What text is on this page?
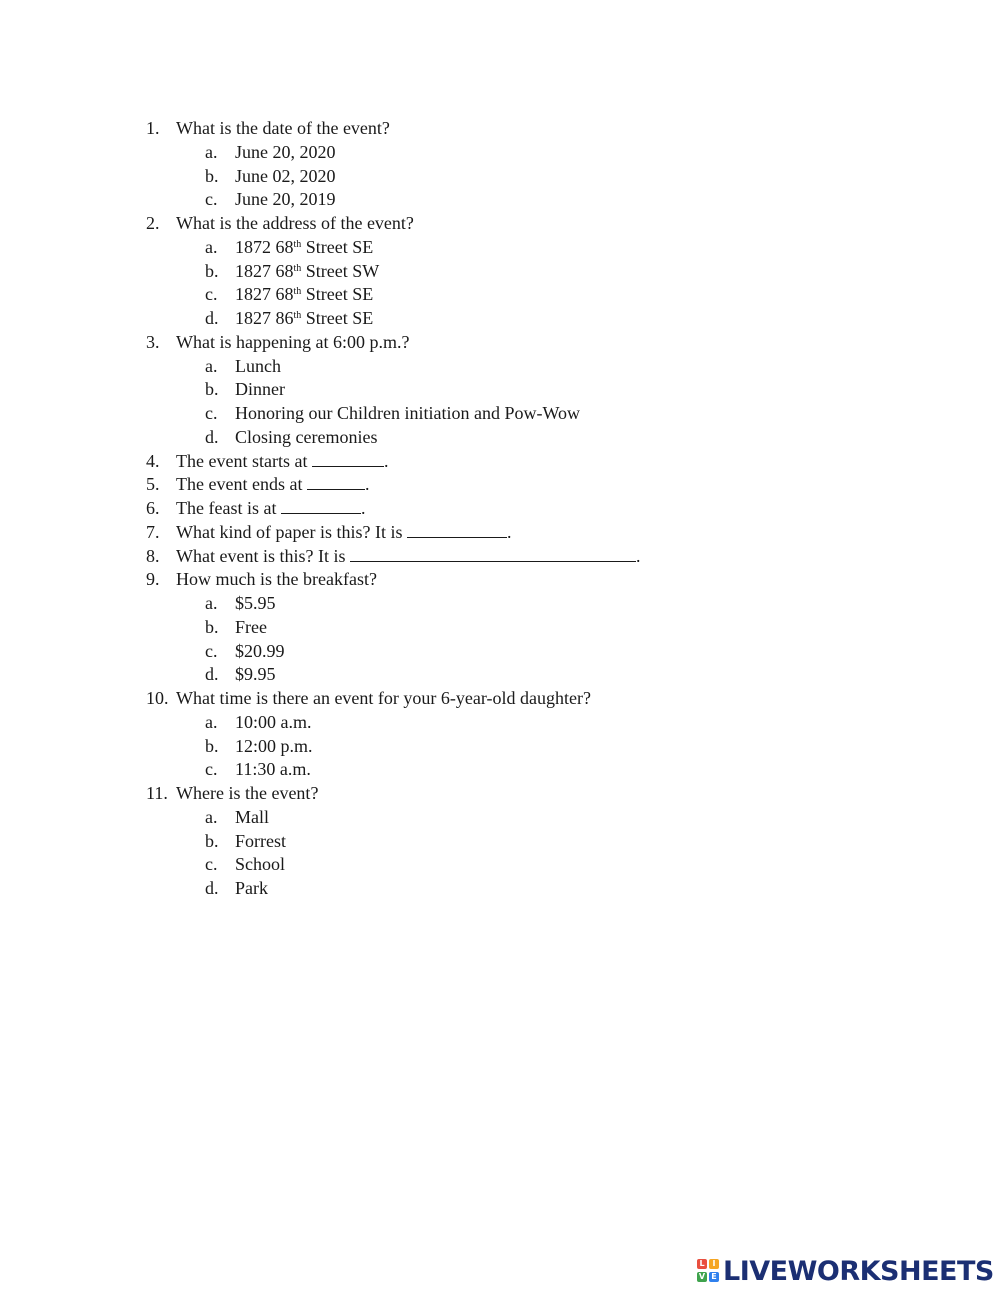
1. What is the date of the event?
a. June 20, 2020
b. June 02, 2020
c. June 20, 2019
2. What is the address of the event?
a. 1872 68th Street SE
b. 1827 68th Street SW
c. 1827 68th Street SE
d. 1827 86th Street SE
3. What is happening at 6:00 p.m.?
a. Lunch
b. Dinner
c. Honoring our Children initiation and Pow-Wow
d. Closing ceremonies
4. The event starts at	.
5. The event ends at	.
6. The feast is at	.
7. What kind of paper is this? It is	.
8. What event is this? It is	.
9. How much is the breakfast?
a. $5.95
b. Free
c. $20.99
d. $9.95
10. What time is there an event for your 6-year-old daughter?
a. 10:00 a.m.
b. 12:00 p.m.
c. 11:30 a.m.
11. Where is the event?
a. Mall
b. Forrest
c. School
d. Park
L I
V E LIVEWORKSHEETS
